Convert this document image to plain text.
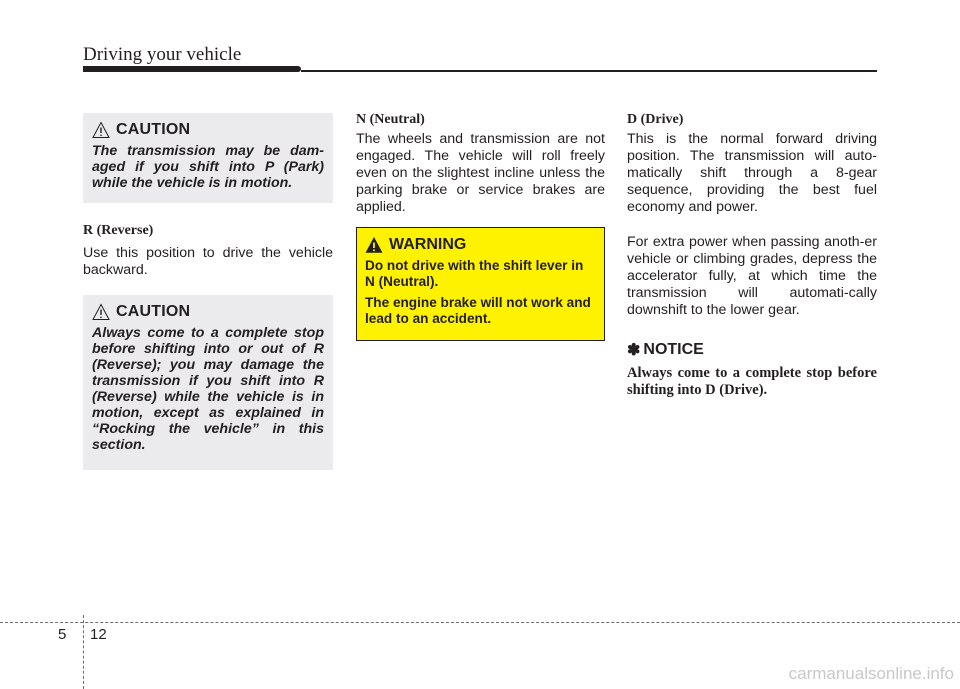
Driving your vehicle
CAUTION
The transmission may be dam-aged if you shift into P (Park) while the vehicle is in motion.
R (Reverse)
Use this position to drive the vehicle backward.
CAUTION
Always come to a complete stop before shifting into or out of R (Reverse); you may damage the transmission if you shift into R (Reverse) while the vehicle is in motion, except as explained in “Rocking the vehicle” in this section.
N (Neutral)
The wheels and transmission are not engaged. The vehicle will roll freely even on the slightest incline unless the parking brake or service brakes are applied.
WARNING

Do not drive with the shift lever in N (Neutral).

The engine brake will not work and lead to an accident.

D (Drive)
This is the normal forward driving position. The transmission will auto-matically shift through a 8-gear sequence, providing the best fuel economy and power.
For extra power when passing anoth-er vehicle or climbing grades, depress the accelerator fully, at which time the transmission will automati-cally downshift to the lower gear.
✽ NOTICE
Always come to a complete stop before shifting into D (Drive).
5 12
carmanualsonline.info
